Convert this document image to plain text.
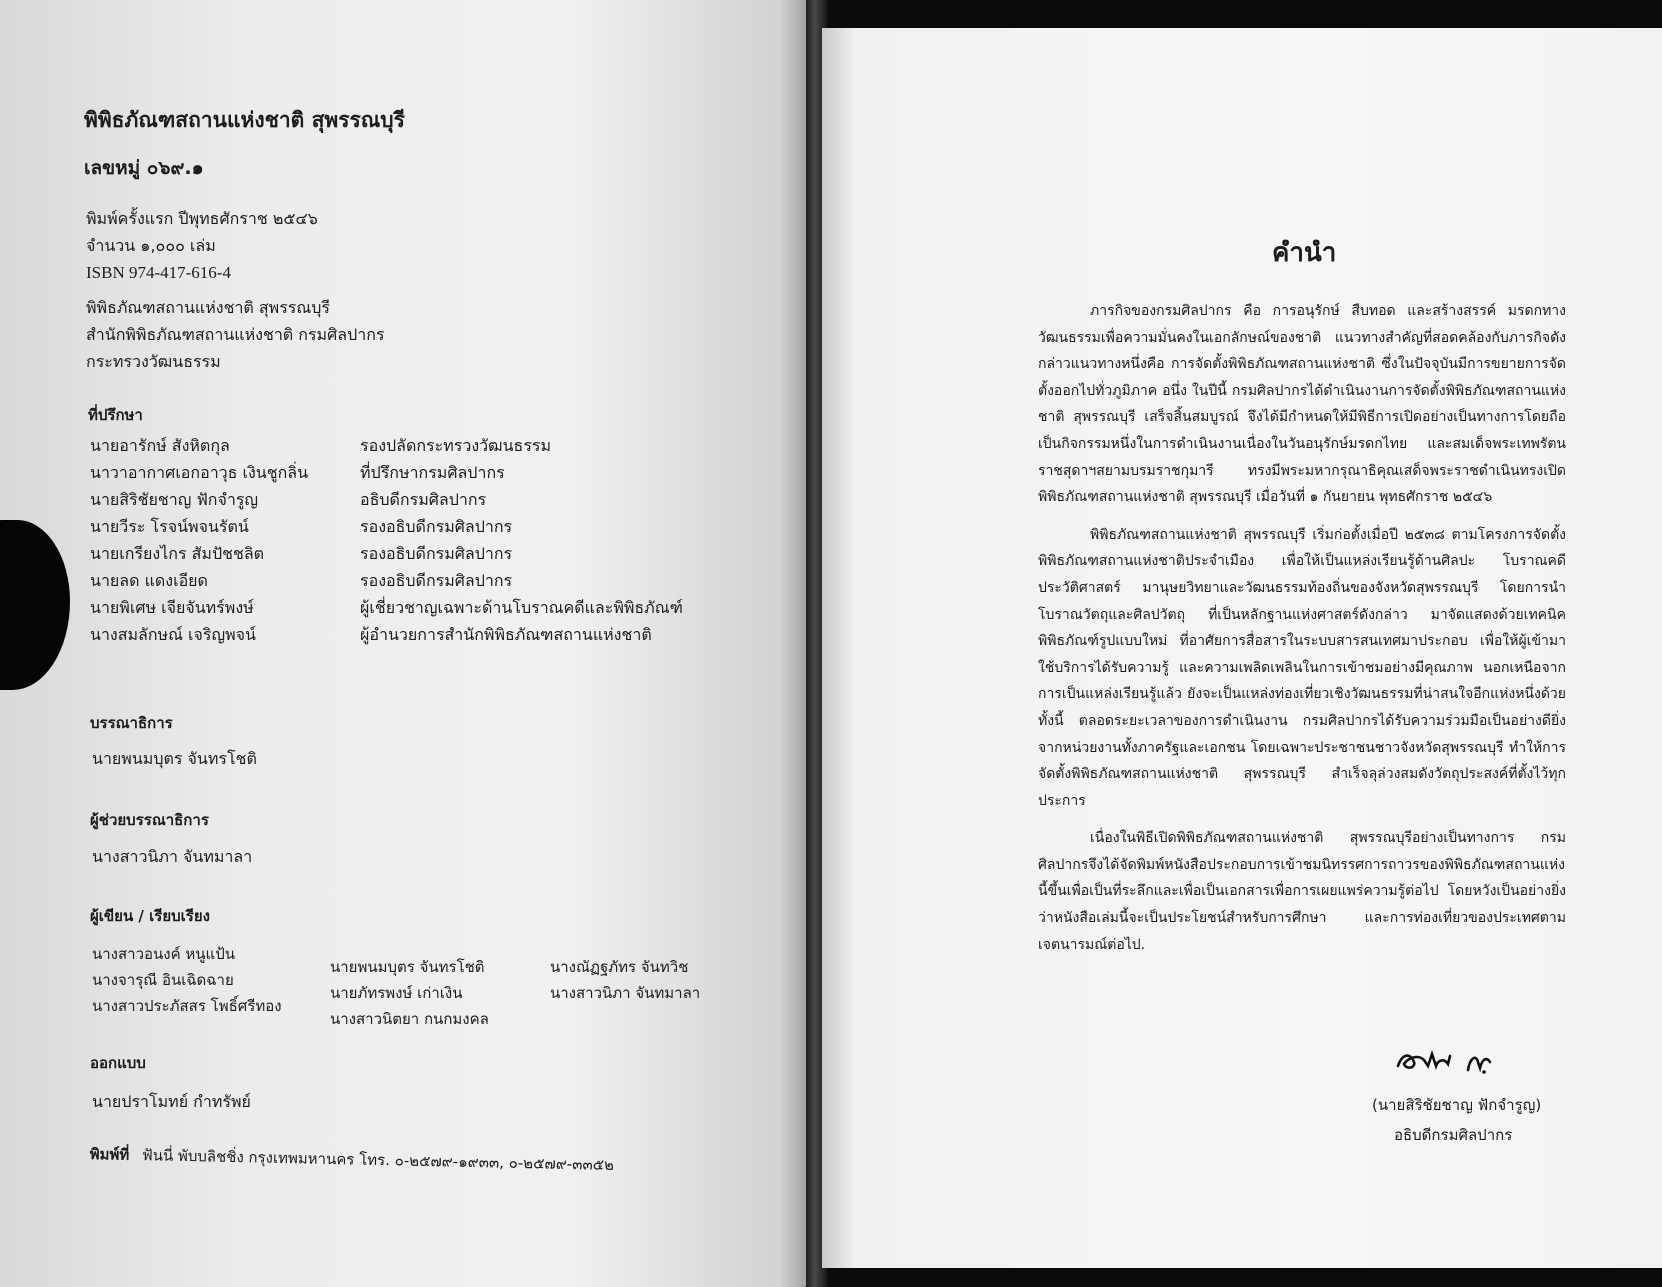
พิพิธภัณฑสถานแห่งชาติ สุพรรณบุรี
เลขหมู่ ๐๖๙.๑
พิมพ์ครั้งแรก ปีพุทธศักราช ๒๕๔๖
จำนวน ๑,๐๐๐ เล่ม
ISBN 974-417-616-4
พิพิธภัณฑสถานแห่งชาติ สุพรรณบุรี
สำนักพิพิธภัณฑสถานแห่งชาติ กรมศิลปากร
กระทรวงวัฒนธรรม
ที่ปรึกษา
นายอารักษ์ สังหิตกุล	รองปลัดกระทรวงวัฒนธรรม
นาวาอากาศเอกอาวุธ เงินชูกลิ่น	ที่ปรึกษากรมศิลปากร
นายสิริชัยชาญ ฟักจำรูญ	อธิบดีกรมศิลปากร
นายวีระ โรจน์พจนรัตน์	รองอธิบดีกรมศิลปากร
นายเกรียงไกร สัมปัชชลิต	รองอธิบดีกรมศิลปากร
นายลด แดงเอียด	รองอธิบดีกรมศิลปากร
นายพิเศษ เจียจันทร์พงษ์	ผู้เชี่ยวชาญเฉพาะด้านโบราณคดีและพิพิธภัณฑ์
นางสมลักษณ์ เจริญพจน์	ผู้อำนวยการสำนักพิพิธภัณฑสถานแห่งชาติ
บรรณาธิการ
นายพนมบุตร จันทรโชติ
ผู้ช่วยบรรณาธิการ
นางสาวนิภา จันทมาลา
ผู้เขียน / เรียบเรียง
นางสาวอนงค์ หนูแป้น
นางจารุณี อินเฉิดฉาย
นางสาวประภัสสร โพธิ์ศรีทอง
นายพนมบุตร จันทรโชติ
นายภัทรพงษ์ เก่าเงิน
นางสาวนิตยา กนกมงคล
นางณัฏฐภัทร จันทวิช
นางสาวนิภา จันทมาลา
ออกแบบ
นายปราโมทย์ กำทรัพย์
พิมพ์ที่ ฟันนี่ พับบลิชชิ่ง กรุงเทพมหานคร โทร. ๐-๒๕๗๙-๑๙๓๓, ๐-๒๕๗๙-๓๓๕๒
คำนำ

ภารกิจของกรมศิลปากร คือ การอนุรักษ์ สืบทอด และสร้างสรรค์ มรดกทางวัฒนธรรมเพื่อความมั่นคงในเอกลักษณ์ของชาติ แนวทางสำคัญที่สอดคล้องกับภารกิจดังกล่าวแนวทางหนึ่งคือ การจัดตั้งพิพิธภัณฑสถานแห่งชาติ ซึ่งในปัจจุบันมีการขยายการจัดตั้งออกไปทั่วภูมิภาค อนึ่ง ในปีนี้ กรมศิลปากรได้ดำเนินงานการจัดตั้งพิพิธภัณฑสถานแห่งชาติ สุพรรณบุรี เสร็จสิ้นสมบูรณ์ จึงได้มีกำหนดให้มีพิธีการเปิดอย่างเป็นทางการโดยถือเป็นกิจกรรมหนึ่งในการดำเนินงานเนื่องในวันอนุรักษ์มรดกไทย และสมเด็จพระเทพรัตนราชสุดาฯสยามบรมราชกุมารี ทรงมีพระมหากรุณาธิคุณเสด็จพระราชดำเนินทรงเปิดพิพิธภัณฑสถานแห่งชาติ สุพรรณบุรี เมื่อวันที่ ๑ กันยายน พุทธศักราช ๒๕๔๖

พิพิธภัณฑสถานแห่งชาติ สุพรรณบุรี เริ่มก่อตั้งเมื่อปี ๒๕๓๘ ตามโครงการจัดตั้งพิพิธภัณฑสถานแห่งชาติประจำเมือง เพื่อให้เป็นแหล่งเรียนรู้ด้านศิลปะ โบราณคดี ประวัติศาสตร์ มานุษยวิทยาและวัฒนธรรมท้องถิ่นของจังหวัดสุพรรณบุรี โดยการนำโบราณวัตถุและศิลปวัตถุ ที่เป็นหลักฐานแห่งศาสตร์ดังกล่าว มาจัดแสดงด้วยเทคนิคพิพิธภัณฑ์รูปแบบใหม่ ที่อาศัยการสื่อสารในระบบสารสนเทศมาประกอบ เพื่อให้ผู้เข้ามาใช้บริการได้รับความรู้ และความเพลิดเพลินในการเข้าชมอย่างมีคุณภาพ นอกเหนือจากการเป็นแหล่งเรียนรู้แล้ว ยังจะเป็นแหล่งท่องเที่ยวเชิงวัฒนธรรมที่น่าสนใจอีกแห่งหนึ่งด้วย ทั้งนี้ ตลอดระยะเวลาของการดำเนินงาน กรมศิลปากรได้รับความร่วมมือเป็นอย่างดียิ่ง จากหน่วยงานทั้งภาครัฐและเอกชน โดยเฉพาะประชาชนชาวจังหวัดสุพรรณบุรี ทำให้การจัดตั้งพิพิธภัณฑสถานแห่งชาติ สุพรรณบุรี สำเร็จลุล่วงสมดังวัตถุประสงค์ที่ตั้งไว้ทุกประการ

เนื่องในพิธีเปิดพิพิธภัณฑสถานแห่งชาติ สุพรรณบุรีอย่างเป็นทางการ กรมศิลปากรจึงได้จัดพิมพ์หนังสือประกอบการเข้าชมนิทรรศการถาวรของพิพิธภัณฑสถานแห่งนี้ขึ้นเพื่อเป็นที่ระลึกและเพื่อเป็นเอกสารเพื่อการเผยแพร่ความรู้ต่อไป โดยหวังเป็นอย่างยิ่งว่าหนังสือเล่มนี้จะเป็นประโยชน์สำหรับการศึกษา และการท่องเที่ยวของประเทศตามเจตนารมณ์ต่อไป.

(นายสิริชัยชาญ ฟักจำรูญ)
อธิบดีกรมศิลปากร
